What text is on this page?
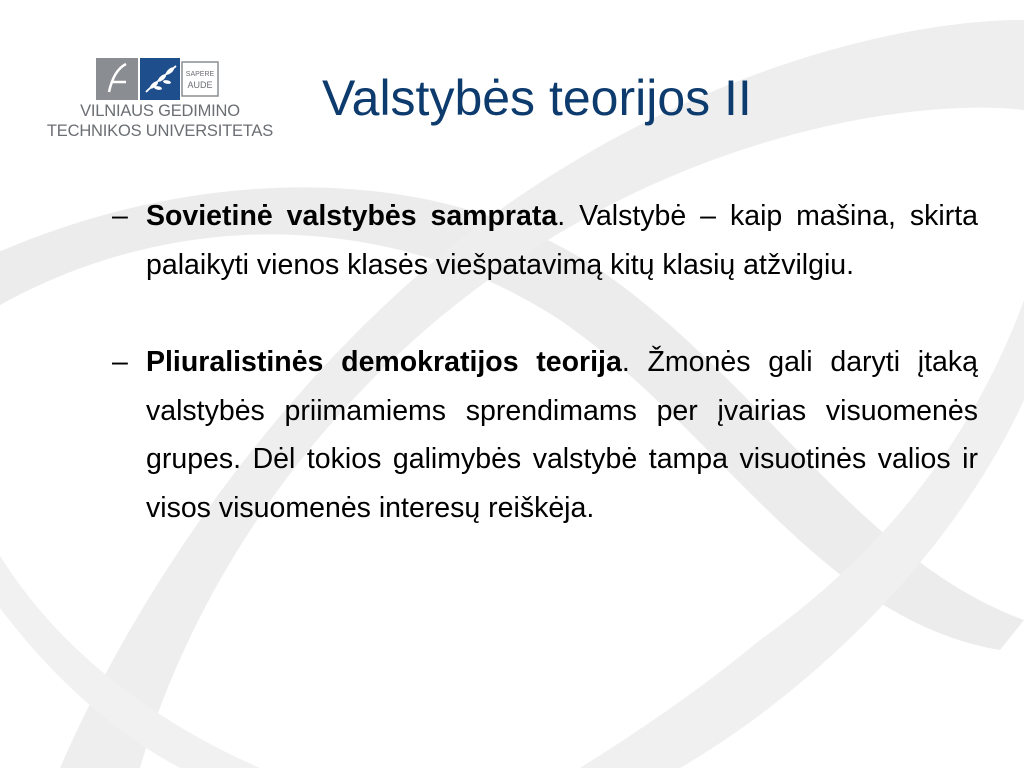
SAPERE
AUDE
VILNIAUS GEDIMINO
TECHNIKOS UNIVERSITETAS
Valstybės teorijos II
– Sovietinė valstybės samprata. Valstybė – kaip mašina, skirta palaikyti vienos klasės viešpatavimą kitų klasių atžvilgiu.
– Pliuralistinės demokratijos teorija. Žmonės gali daryti įtaką valstybės priimamiems sprendimams per įvairias visuomenės grupes. Dėl tokios galimybės valstybė tampa visuotinės valios ir visos visuomenės interesų reiškėja.
